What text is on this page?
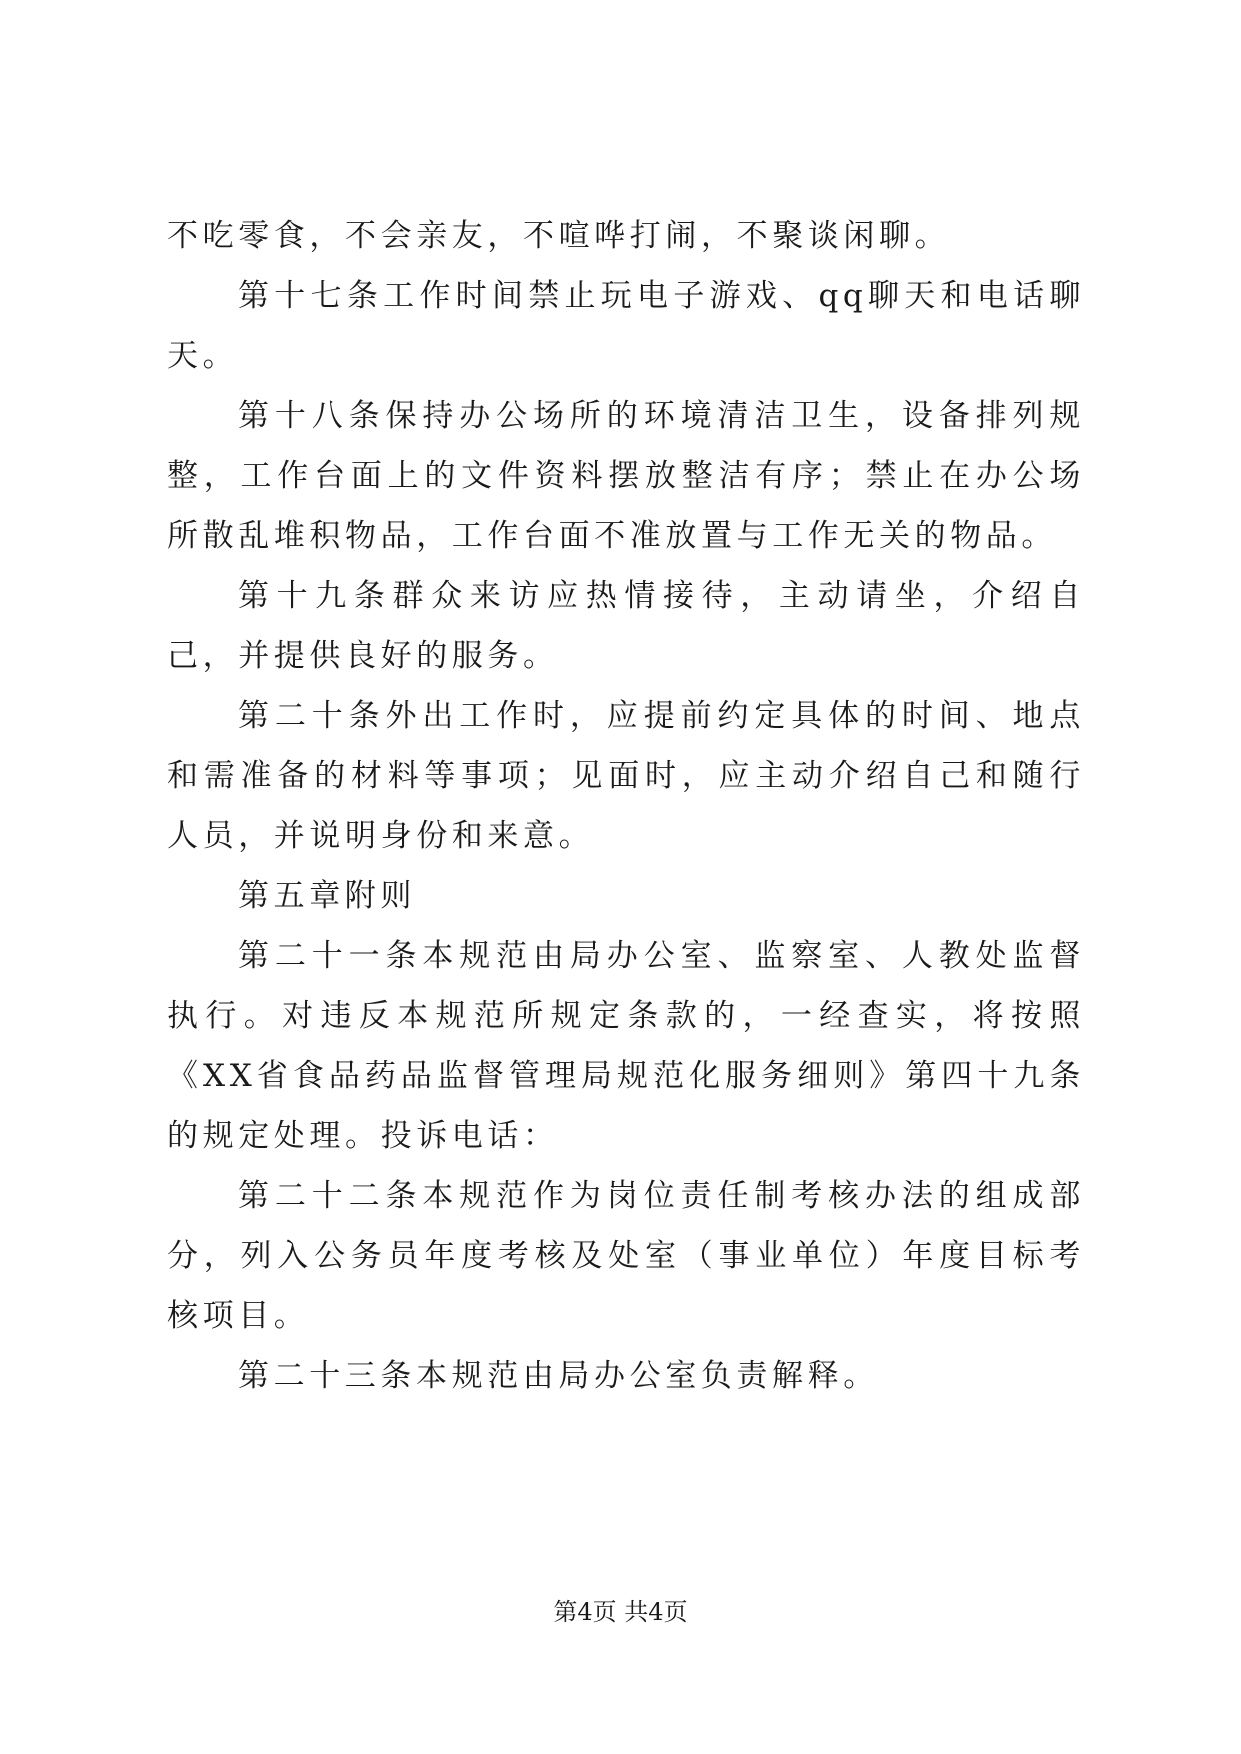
不吃零食，不会亲友，不喧哗打闹，不聚谈闲聊。

第十七条工作时间禁止玩电子游戏、qq聊天和电话聊天。

第十八条保持办公场所的环境清洁卫生，设备排列规整，工作台面上的文件资料摆放整洁有序；禁止在办公场所散乱堆积物品，工作台面不准放置与工作无关的物品。

第十九条群众来访应热情接待，主动请坐，介绍自己，并提供良好的服务。

第二十条外出工作时，应提前约定具体的时间、地点和需准备的材料等事项；见面时，应主动介绍自己和随行人员，并说明身份和来意。

第五章附则

第二十一条本规范由局办公室、监察室、人教处监督执行。对违反本规范所规定条款的，一经查实，将按照《XX省食品药品监督管理局规范化服务细则》第四十九条的规定处理。投诉电话：

第二十二条本规范作为岗位责任制考核办法的组成部分，列入公务员年度考核及处室（事业单位）年度目标考核项目。

第二十三条本规范由局办公室负责解释。

第4页 共4页
